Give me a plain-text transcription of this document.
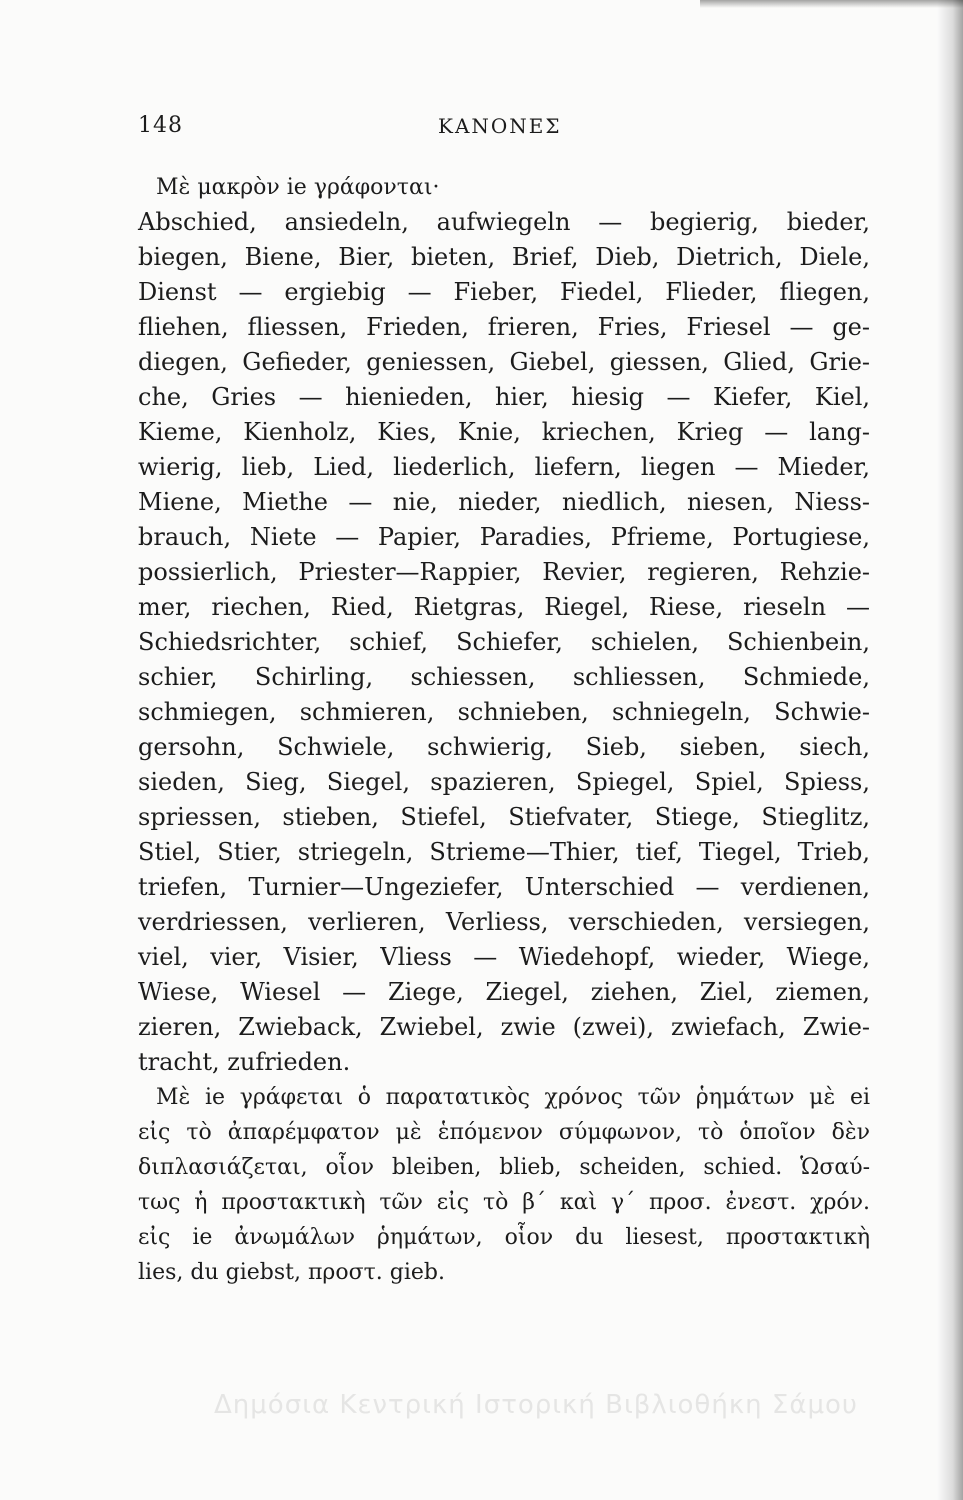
148	ΚΑΝΟΝΕΣ
Μὲ μακρὸν ie γράφονται·
Abschied, ansiedeln, aufwiegeln — begierig, bieder,
biegen, Biene, Bier, bieten, Brief, Dieb, Dietrich, Diele,
Dienst — ergiebig — Fieber, Fiedel, Flieder, fliegen,
fliehen, fliessen, Frieden, frieren, Fries, Friesel — ge-
diegen, Gefieder, geniessen, Giebel, giessen, Glied, Grie-
che, Gries — hienieden, hier, hiesig — Kiefer, Kiel,
Kieme, Kienholz, Kies, Knie, kriechen, Krieg — lang-
wierig, lieb, Lied, liederlich, liefern, liegen — Mieder,
Miene, Miethe — nie, nieder, niedlich, niesen, Niess-
brauch, Niete — Papier, Paradies, Pfrieme, Portugiese,
possierlich, Priester—Rappier, Revier, regieren, Rehzie-
mer, riechen, Ried, Rietgras, Riegel, Riese, rieseln —
Schiedsrichter, schief, Schiefer, schielen, Schienbein,
schier, Schirling, schiessen, schliessen, Schmiede,
schmiegen, schmieren, schnieben, schniegeln, Schwie-
gersohn, Schwiele, schwierig, Sieb, sieben, siech,
sieden, Sieg, Siegel, spazieren, Spiegel, Spiel, Spiess,
spriessen, stieben, Stiefel, Stiefvater, Stiege, Stieglitz,
Stiel, Stier, striegeln, Strieme—Thier, tief, Tiegel, Trieb,
triefen, Turnier—Ungeziefer, Unterschied — verdienen,
verdriessen, verlieren, Verliess, verschieden, versiegen,
viel, vier, Visier, Vliess — Wiedehopf, wieder, Wiege,
Wiese, Wiesel — Ziege, Ziegel, ziehen, Ziel, ziemen,
zieren, Zwieback, Zwiebel, zwie (zwei), zwiefach, Zwie-
tracht, zufrieden.
Μὲ ie γράφεται ὁ παρατατικὸς χρόνος τῶν ῥημάτων μὲ ei
εἰς τὸ ἀπαρέμφατον μὲ ἑπόμενον σύμφωνον, τὸ ὁποῖον δὲν
διπλασιάζεται, οἷον bleiben, blieb, scheiden, schied. Ὡσαύ-
τως ἡ προστακτικὴ τῶν εἰς τὸ β΄ καὶ γ΄ προσ. ἐνεστ. χρόν.
εἰς ie ἀνωμάλων ῥημάτων, οἷον du liesest, προστακτικὴ
lies, du giebst, προστ. gieb.
Δημόσια Κεντρική Ιστορική Βιβλιοθήκη Σάμου
